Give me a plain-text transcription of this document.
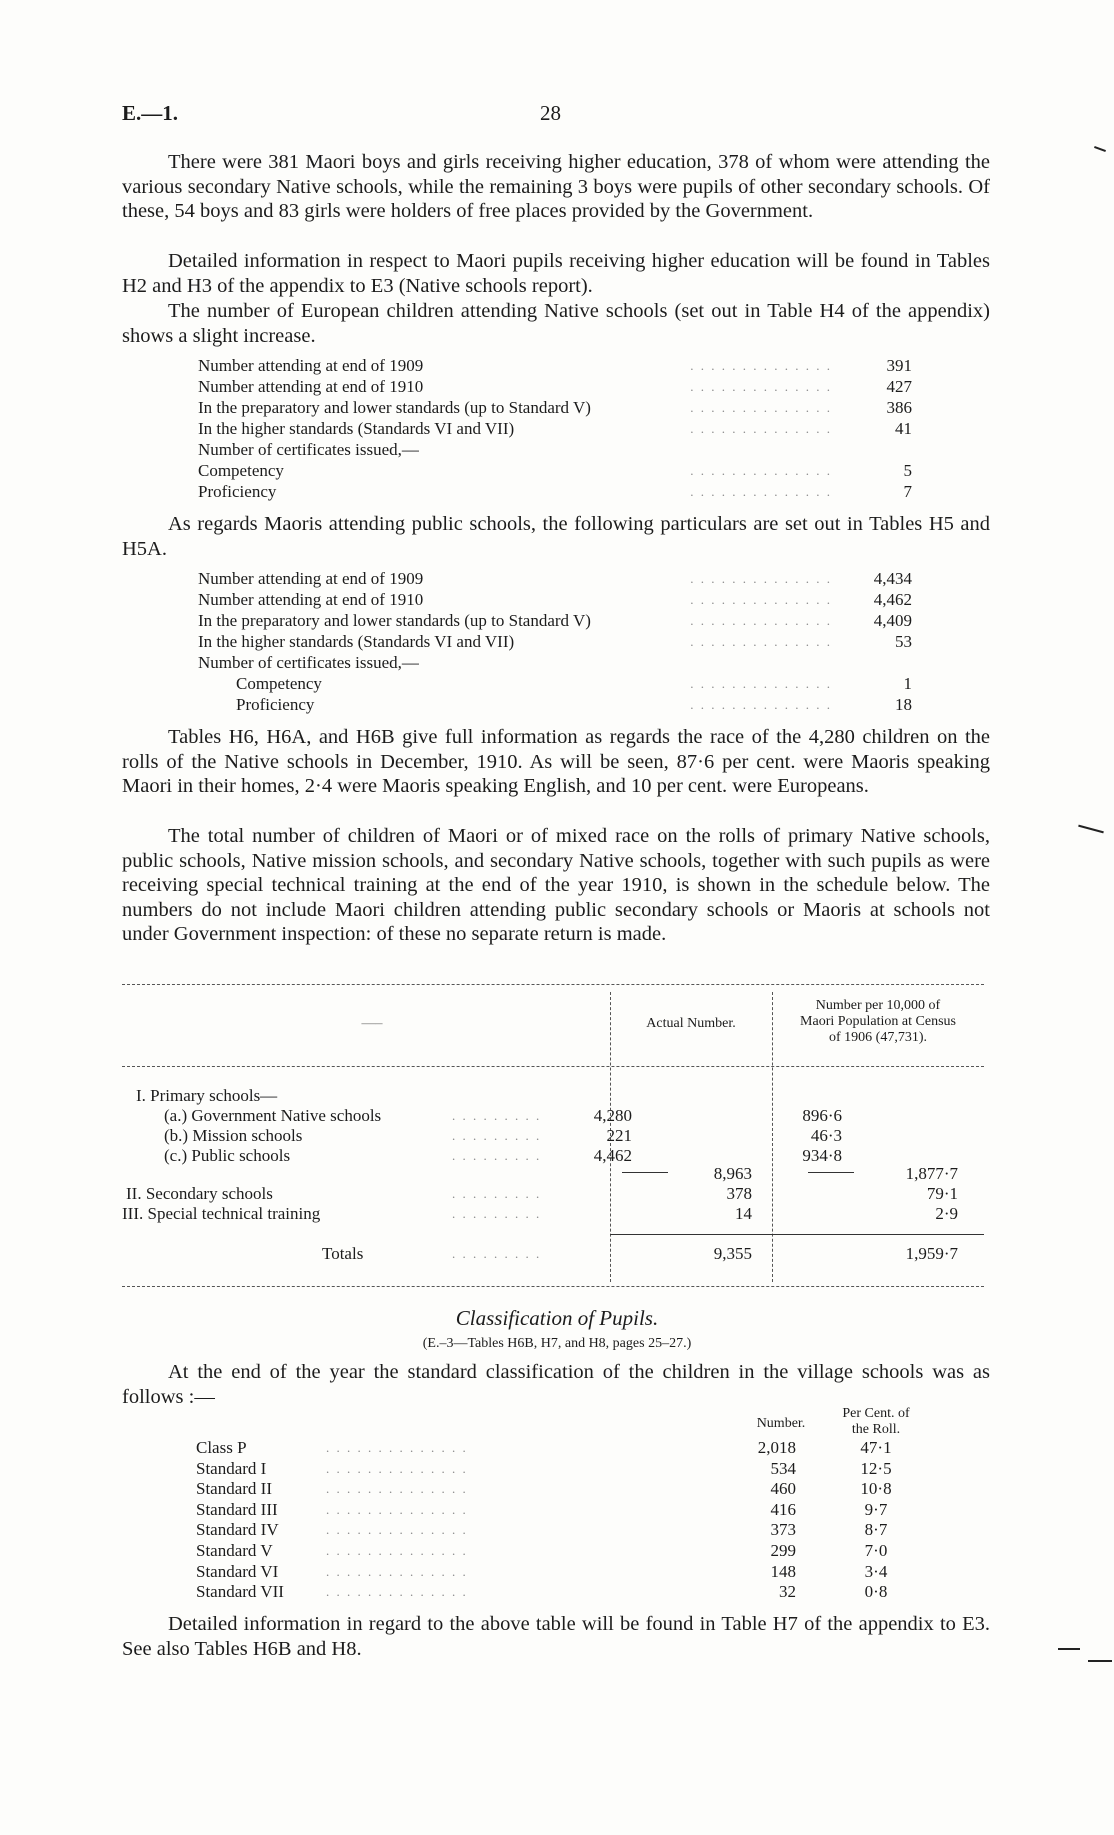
E.—1.	28

There were 381 Maori boys and girls receiving higher education, 378 of whom were attending the various secondary Native schools, while the remaining 3 boys were pupils of other secondary schools. Of these, 54 boys and 83 girls were holders of free places provided by the Government.

Detailed information in respect to Maori pupils receiving higher education will be found in Tables H2 and H3 of the appendix to E3 (Native schools report).

The number of European children attending Native schools (set out in Table H4 of the appendix) shows a slight increase.

Number attending at end of 1909	. . . . . . . . . . . . . .	391
Number attending at end of 1910	. . . . . . . . . . . . . .	427
In the preparatory and lower standards (up to Standard V)	. . . . . . . . . . . . . .	386
In the higher standards (Standards VI and VII)	. . . . . . . . . . . . . .	41
Number of certificates issued,—
Competency	. . . . . . . . . . . . . .	5
Proficiency	. . . . . . . . . . . . . .	7

As regards Maoris attending public schools, the following particulars are set out in Tables H5 and H5A.

Number attending at end of 1909	. . . . . . . . . . . . . . 4,434
Number attending at end of 1910	. . . . . . . . . . . . . . 4,462
In the preparatory and lower standards (up to Standard V)	. . . . . . . . . . . . . . 4,409
In the higher standards (Standards VI and VII)	. . . . . . . . . . . . . .	53
Number of certificates issued,—
Competency	. . . . . . . . . . . . . .	1
Proficiency	. . . . . . . . . . . . . .	18

Tables H6, H6A, and H6B give full information as regards the race of the 4,280 children on the rolls of the Native schools in December, 1910. As will be seen, 87·6 per cent. were Maoris speaking Maori in their homes, 2·4 were Maoris speaking English, and 10 per cent. were Europeans.

The total number of children of Maori or of mixed race on the rolls of primary Native schools, public schools, Native mission schools, and secondary Native schools, together with such pupils as were receiving special technical training at the end of the year 1910, is shown in the schedule below. The numbers do not include Maori children attending public secondary schools or Maoris at schools not under Government inspection: of these no separate return is made.

—–	Actual Number.
Number per 10,000 of
Maori Population at Census
of 1906 (47,731).
I. Primary schools—
(a.) Government Native schools	. . . . . . . . .	4,280	896·6
(b.) Mission schools	. . . . . . . . .	221	46·3
(c.) Public schools	. . . . . . . . .	4,462	934·8
8,963	1,877·7
II. Secondary schools	. . . . . . . . .	378	79·1
III. Special technical training	. . . . . . . . .	14	2·9
Totals	. . . . . . . . .	9,355	1,959·7
Classification of Pupils.
(E.–3—Tables H6B, H7, and H8, pages 25–27.)

At the end of the year the standard classification of the children in the village schools was as follows :—

Number.
Per Cent. of
the Roll.
Class P	. . . . . . . . . . . . . .	2,018	47·1
Standard I	. . . . . . . . . . . . . .	534	12·5
Standard II	. . . . . . . . . . . . . .	460	10·8
Standard III	. . . . . . . . . . . . . .	416	9·7
Standard IV	. . . . . . . . . . . . . .	373	8·7
Standard V	. . . . . . . . . . . . . .	299	7·0
Standard VI	. . . . . . . . . . . . . .	148	3·4
Standard VII	. . . . . . . . . . . . . .	32	0·8

Detailed information in regard to the above table will be found in Table H7 of the appendix to E3. See also Tables H6B and H8.
